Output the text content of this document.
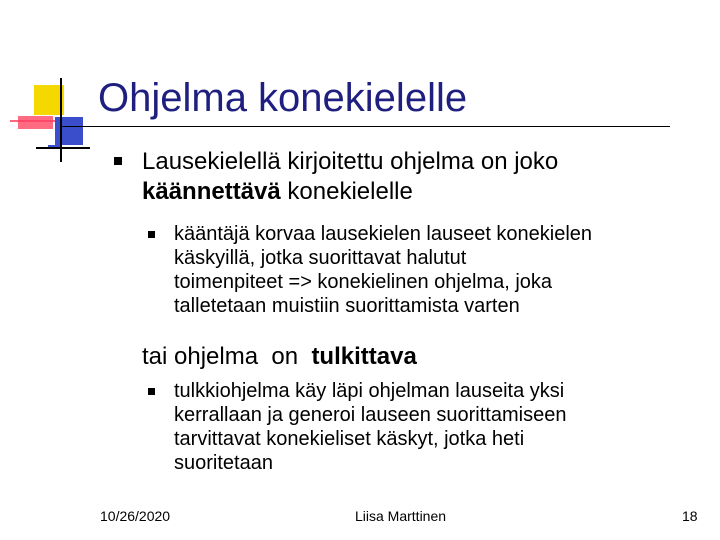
Ohjelma konekielelle
Lausekielellä kirjoitettu ohjelma on joko
käännettävä konekielelle
kääntäjä korvaa lausekielen lauseet konekielen
käskyillä, jotka suorittavat halutut
toimenpiteet => konekielinen ohjelma, joka
talletetaan muistiin suorittamista varten
tai ohjelma  on  tulkittava
tulkkiohjelma käy läpi ohjelman lauseita yksi
kerrallaan ja generoi lauseen suorittamiseen
tarvittavat konekieliset käskyt, jotka heti
suoritetaan
10/26/2020	Liisa Marttinen	18
